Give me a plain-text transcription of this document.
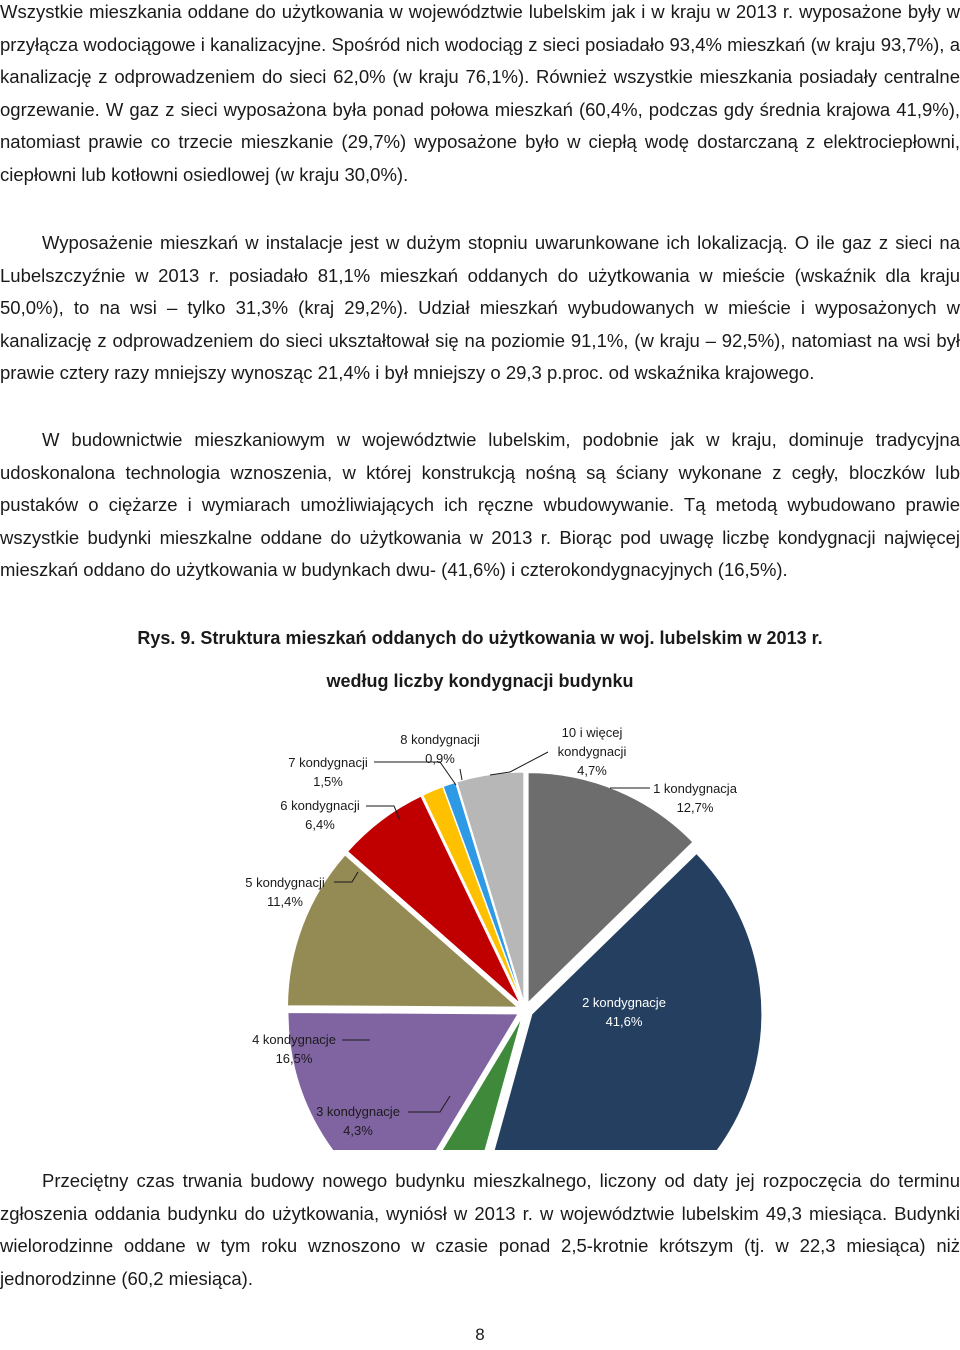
Wszystkie mieszkania oddane do użytkowania w województwie lubelskim jak i w kraju w 2013 r. wyposażone były w przyłącza wodociągowe i kanalizacyjne. Spośród nich wodociąg z sieci posiadało 93,4% mieszkań (w kraju 93,7%), a kanalizację z odprowadzeniem do sieci 62,0% (w kraju 76,1%). Również wszystkie mieszkania posiadały centralne ogrzewanie. W gaz z sieci wyposażona była ponad połowa mieszkań (60,4%, podczas gdy średnia krajowa 41,9%), natomiast prawie co trzecie mieszkanie (29,7%) wyposażone było w ciepłą wodę dostarczaną z elektrociepłowni, ciepłowni lub kotłowni osiedlowej (w kraju 30,0%).

Wyposażenie mieszkań w instalacje jest w dużym stopniu uwarunkowane ich lokalizacją. O ile gaz z sieci na Lubelszczyźnie w 2013 r. posiadało 81,1% mieszkań oddanych do użytkowania w mieście (wskaźnik dla kraju 50,0%), to na wsi – tylko 31,3% (kraj 29,2%). Udział mieszkań wybudowanych w mieście i wyposażonych w kanalizację z odprowadzeniem do sieci ukształtował się na poziomie 91,1%, (w kraju – 92,5%), natomiast na wsi był prawie cztery razy mniejszy wynosząc 21,4% i był mniejszy o 29,3 p.proc. od wskaźnika krajowego.

W budownictwie mieszkaniowym w województwie lubelskim, podobnie jak w kraju, dominuje tradycyjna udoskonalona technologia wznoszenia, w której konstrukcją nośną są ściany wykonane z cegły, bloczków lub pustaków o ciężarze i wymiarach umożliwiających ich ręczne wbudowywanie. Tą metodą wybudowano prawie wszystkie budynki mieszkalne oddane do użytkowania w 2013 r. Biorąc pod uwagę liczbę kondygnacji najwięcej mieszkań oddano do użytkowania w budynkach dwu- (41,6%) i czterokondygnacyjnych (16,5%).

Rys. 9. Struktura mieszkań oddanych do użytkowania w woj. lubelskim w 2013 r.
według liczby kondygnacji budynku
1 kondygnacja
12,7%
2 kondygnacje
41,6%
3 kondygnacje
4,3%
4 kondygnacje
16,5%
5 kondygnacji
11,4%
6 kondygnacji
6,4%
7 kondygnacji
1,5%
8 kondygnacji
0,9%
10 i więcej
kondygnacji
4,7%

Przeciętny czas trwania budowy nowego budynku mieszkalnego, liczony od daty jej rozpoczęcia do terminu zgłoszenia oddania budynku do użytkowania, wyniósł w 2013 r. w województwie lubelskim 49,3 miesiąca. Budynki wielorodzinne oddane w tym roku wznoszono w czasie ponad 2,5-krotnie krótszym (tj. w 22,3 miesiąca) niż jednorodzinne (60,2 miesiąca).

8
